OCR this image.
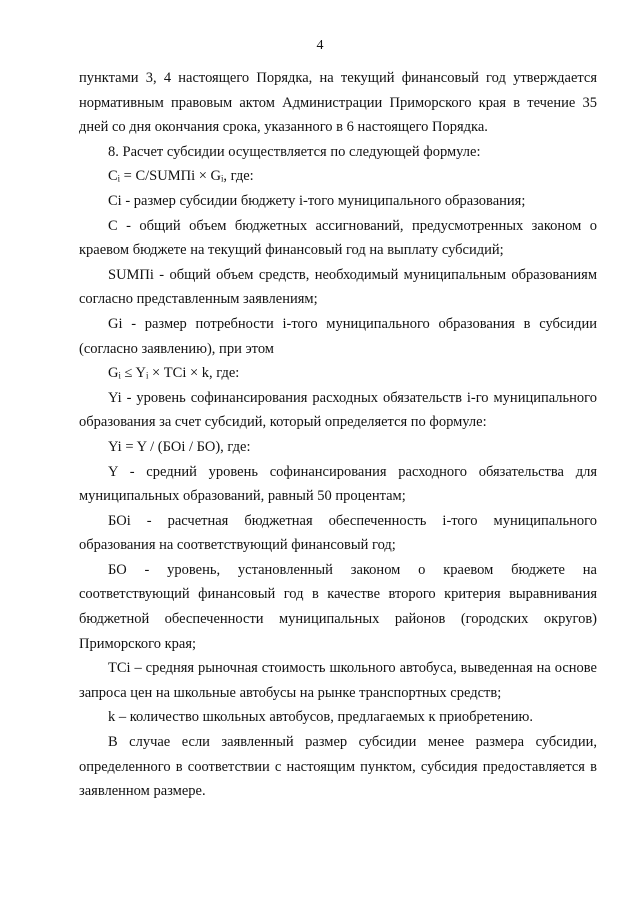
4

пунктами 3, 4 настоящего Порядка, на текущий финансовый год утверждается нормативным правовым актом Администрации Приморского края в течение 35 дней со дня окончания срока, указанного в 6 настоящего Порядка.

8. Расчет субсидии осуществляется по следующей формуле:

Cᵢ = С/SUMПi × Gᵢ, где:

Ci - размер субсидии бюджету i-того муниципального образования;

С - общий объем бюджетных ассигнований, предусмотренных законом о краевом бюджете на текущий финансовый год на выплату субсидий;

SUMПi - общий объем средств, необходимый муниципальным образованиям согласно представленным заявлениям;

Gi - размер потребности i-того муниципального образования в субсидии (согласно заявлению), при этом

Gᵢ ≤ Yᵢ × ТСi × k, где:

Yi - уровень софинансирования расходных обязательств i-го муниципального образования за счет субсидий, который определяется по формуле:

Yi = Y / (БОi / БО), где:

Y - средний уровень софинансирования расходного обязательства для муниципальных образований, равный 50 процентам;

БОi - расчетная бюджетная обеспеченность i-того муниципального образования на соответствующий финансовый год;

БО - уровень, установленный законом о краевом бюджете на соответствующий финансовый год в качестве второго критерия выравнивания бюджетной обеспеченности муниципальных районов (городских округов) Приморского края;

ТСi – средняя рыночная стоимость школьного автобуса, выведенная на основе запроса цен на школьные автобусы на рынке транспортных средств;

k – количество школьных автобусов, предлагаемых к приобретению.

В случае если заявленный размер субсидии менее размера субсидии, определенного в соответствии с настоящим пунктом, субсидия предоставляется в заявленном размере.
